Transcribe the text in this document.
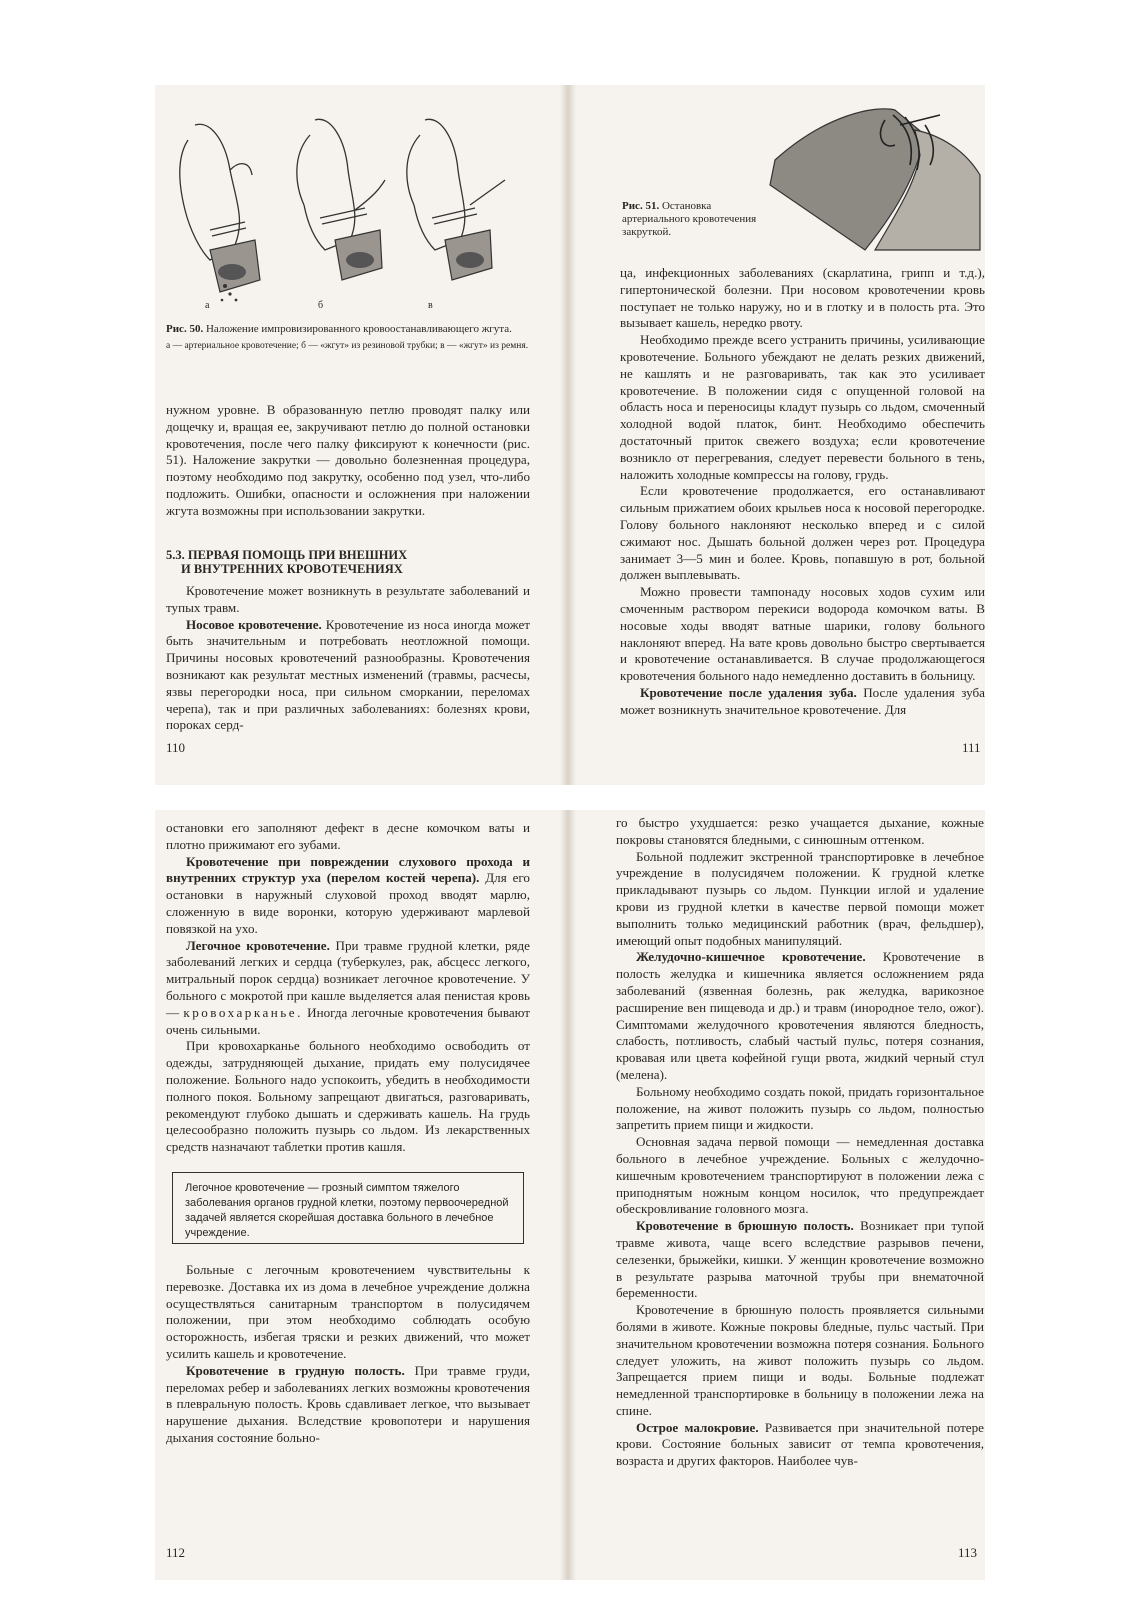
а	б	в
Рис. 50. Наложение импровизированного кровоостанавливающего жгута.
а — артериальное кровотечение; б — «жгут» из резиновой трубки; в — «жгут» из ремня.

нужном уровне. В образованную петлю проводят палку или дощечку и, вращая ее, закручивают петлю до полной остановки кровотечения, после чего палку фиксируют к конечности (рис. 51). Наложение закрутки — довольно болезненная процедура, поэтому необходимо под закрутку, особенно под узел, что-либо подложить. Ошибки, опасности и осложнения при наложении жгута возможны при использовании закрутки.

5.3. ПЕРВАЯ ПОМОЩЬ ПРИ ВНЕШНИХ
И ВНУТРЕННИХ КРОВОТЕЧЕНИЯХ

Кровотечение может возникнуть в результате заболеваний и тупых травм.

Носовое кровотечение. Кровотечение из носа иногда может быть значительным и потребовать неотложной помощи. Причины носовых кровотечений разнообразны. Кровотечения возникают как результат местных изменений (травмы, расчесы, язвы перегородки носа, при сильном сморкании, переломах черепа), так и при различных заболеваниях: болезнях крови, пороках серд-

110
Рис. 51. Остановка артериального кровотечения закруткой.

ца, инфекционных заболеваниях (скарлатина, грипп и т.д.), гипертонической болезни. При носовом кровотечении кровь поступает не только наружу, но и в глотку и в полость рта. Это вызывает кашель, нередко рвоту.

Необходимо прежде всего устранить причины, усиливающие кровотечение. Больного убеждают не делать резких движений, не кашлять и не разговаривать, так как это усиливает кровотечение. В положении сидя с опущенной головой на область носа и переносицы кладут пузырь со льдом, смоченный холодной водой платок, бинт. Необходимо обеспечить достаточный приток свежего воздуха; если кровотечение возникло от перегревания, следует перевести больного в тень, наложить холодные компрессы на голову, грудь.

Если кровотечение продолжается, его останавливают сильным прижатием обоих крыльев носа к носовой перегородке. Голову больного наклоняют несколько вперед и с силой сжимают нос. Дышать больной должен через рот. Процедура занимает 3—5 мин и более. Кровь, попавшую в рот, больной должен выплевывать.

Можно провести тампонаду носовых ходов сухим или смоченным раствором перекиси водорода комочком ваты. В носовые ходы вводят ватные шарики, голову больного наклоняют вперед. На вате кровь довольно быстро свертывается и кровотечение останавливается. В случае продолжающегося кровотечения больного надо немедленно доставить в больницу.

Кровотечение после удаления зуба. После удаления зуба может возникнуть значительное кровотечение. Для

111

остановки его заполняют дефект в десне комочком ваты и плотно прижимают его зубами.

Кровотечение при повреждении слухового прохода и внутренних структур уха (перелом костей черепа). Для его остановки в наружный слуховой проход вводят марлю, сложенную в виде воронки, которую удерживают марлевой повязкой на ухо.

Легочное кровотечение. При травме грудной клетки, ряде заболеваний легких и сердца (туберкулез, рак, абсцесс легкого, митральный порок сердца) возникает легочное кровотечение. У больного с мокротой при кашле выделяется алая пенистая кровь — кровохарканье. Иногда легочные кровотечения бывают очень сильными.

При кровохарканье больного необходимо освободить от одежды, затрудняющей дыхание, придать ему полусидячее положение. Больного надо успокоить, убедить в необходимости полного покоя. Больному запрещают двигаться, разговаривать, рекомендуют глубоко дышать и сдерживать кашель. На грудь целесообразно положить пузырь со льдом. Из лекарственных средств назначают таблетки против кашля.

Легочное кровотечение — грозный симптом тяжелого заболевания органов грудной клетки, поэтому первоочередной задачей является скорейшая доставка больного в лечебное учреждение.

Больные с легочным кровотечением чувствительны к перевозке. Доставка их из дома в лечебное учреждение должна осуществляться санитарным транспортом в полусидячем положении, при этом необходимо соблюдать особую осторожность, избегая тряски и резких движений, что может усилить кашель и кровотечение.

Кровотечение в грудную полость. При травме груди, переломах ребер и заболеваниях легких возможны кровотечения в плевральную полость. Кровь сдавливает легкое, что вызывает нарушение дыхания. Вследствие кровопотери и нарушения дыхания состояние больно-

112

го быстро ухудшается: резко учащается дыхание, кожные покровы становятся бледными, с синюшным оттенком.

Больной подлежит экстренной транспортировке в лечебное учреждение в полусидячем положении. К грудной клетке прикладывают пузырь со льдом. Пункции иглой и удаление крови из грудной клетки в качестве первой помощи может выполнить только медицинский работник (врач, фельдшер), имеющий опыт подобных манипуляций.

Желудочно-кишечное кровотечение. Кровотечение в полость желудка и кишечника является осложнением ряда заболеваний (язвенная болезнь, рак желудка, варикозное расширение вен пищевода и др.) и травм (инородное тело, ожог). Симптомами желудочного кровотечения являются бледность, слабость, потливость, слабый частый пульс, потеря сознания, кровавая или цвета кофейной гущи рвота, жидкий черный стул (мелена).

Больному необходимо создать покой, придать горизонтальное положение, на живот положить пузырь со льдом, полностью запретить прием пищи и жидкости.

Основная задача первой помощи — немедленная доставка больного в лечебное учреждение. Больных с желудочно-кишечным кровотечением транспортируют в положении лежа с приподнятым ножным концом носилок, что предупреждает обескровливание головного мозга.

Кровотечение в брюшную полость. Возникает при тупой травме живота, чаще всего вследствие разрывов печени, селезенки, брыжейки, кишки. У женщин кровотечение возможно в результате разрыва маточной трубы при внематочной беременности.

Кровотечение в брюшную полость проявляется сильными болями в животе. Кожные покровы бледные, пульс частый. При значительном кровотечении возможна потеря сознания. Больного следует уложить, на живот положить пузырь со льдом. Запрещается прием пищи и воды. Больные подлежат немедленной транспортировке в больницу в положении лежа на спине.

Острое малокровие. Развивается при значительной потере крови. Состояние больных зависит от темпа кровотечения, возраста и других факторов. Наиболее чув-

113
